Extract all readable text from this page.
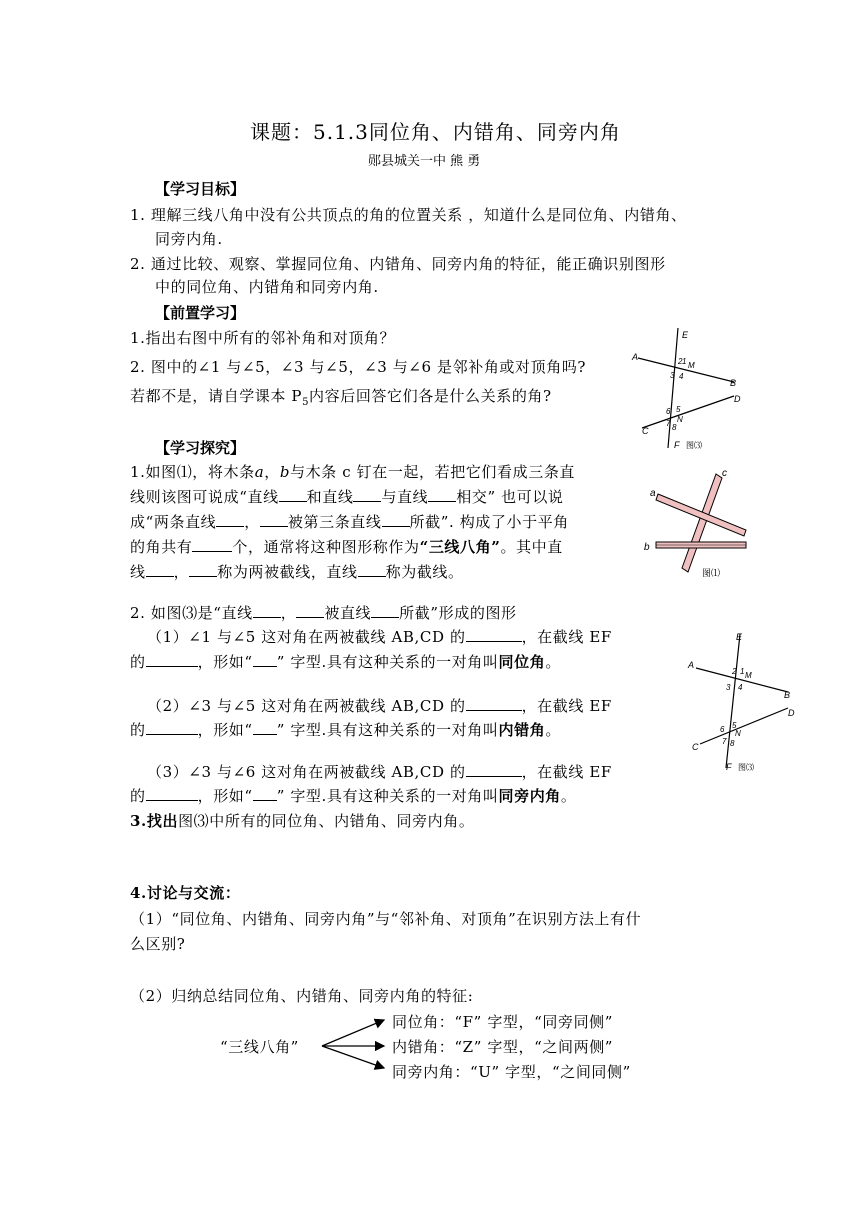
课题：5.1.3同位角、内错角、同旁内角
郧县城关一中 熊 勇
【学习目标】
1. 理解三线八角中没有公共顶点的角的位置关系 ，知道什么是同位角、内错角、
同旁内角.
2. 通过比较、观察、掌握同位角、内错角、同旁内角的特征，能正确识别图形
中的同位角、内错角和同旁内角.
【前置学习】
1.指出右图中所有的邻补角和对顶角？
2. 图中的∠1 与∠5，∠3 与∠5，∠3 与∠6 是邻补角或对顶角吗?
若都不是，请自学课本 $P_5$内容后回答它们各是什么关系的角?
E
A
B
C
D
F
2 1 M
3 4
6 5
N
7 8
图⑶
【学习探究】
1.如图⑴，将木条a，b与木条 c 钉在一起，若把它们看成三条直
线则该图可说成“直线 和直线 与直线 相交” 也可以说
成“两条直线 ， 被第三条直线 所截”. 构成了小于平角
的角共有	个，通常将这种图形称作为“三线八角”。其中直
线 ， 称为两被截线，直线 称为截线。
c
a
b
图⑴
2. 如图⑶是“直线 ， 被直线 所截”形成的图形
（1）∠1 与∠5 这对角在两被截线 AB,CD 的	，在截线 EF
的	，形如“ ” 字型.具有这种关系的一对角叫同位角。
（2）∠3 与∠5 这对角在两被截线 AB,CD 的	，在截线 EF
的	，形如“ ” 字型.具有这种关系的一对角叫内错角。
（3）∠3 与∠6 这对角在两被截线 AB,CD 的	，在截线 EF
的	，形如“ ” 字型.具有这种关系的一对角叫同旁内角。
3.找出图⑶中所有的同位角、内错角、同旁内角。
E
A
B
C
D
F
2 1 M
3 4
6 5
N
7 8
图⑶
4.讨论与交流：
（1）“同位角、内错角、同旁内角”与“邻补角、对顶角”在识别方法上有什
么区别?
（2）归纳总结同位角、内错角、同旁内角的特征:
“三线八角”
同位角：“F” 字型，“同旁同侧”
内错角：“Z” 字型，“之间两侧”
同旁内角：“U” 字型，“之间同侧”
